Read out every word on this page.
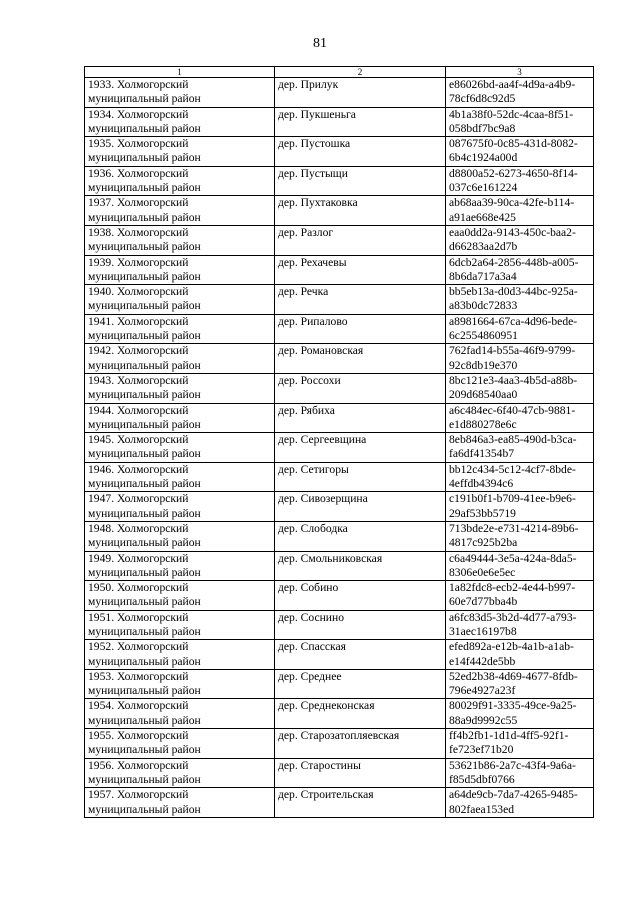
81
1	2	3

1933. Холмогорский
муниципальный район	дер. Прилук	e86026bd-aa4f-4d9a-a4b9-
78cf6d8c92d5

1934. Холмогорский
муниципальный район	дер. Пукшеньга	4b1a38f0-52dc-4caa-8f51-
058bdf7bc9a8

1935. Холмогорский
муниципальный район	дер. Пустошка	087675f0-0c85-431d-8082-
6b4c1924a00d

1936. Холмогорский
муниципальный район	дер. Пустыщи	d8800a52-6273-4650-8f14-
037c6e161224

1937. Холмогорский
муниципальный район	дер. Пухтаковка	ab68aa39-90ca-42fe-b114-
a91ae668e425

1938. Холмогорский
муниципальный район	дер. Разлог	eaa0dd2a-9143-450c-baa2-
d66283aa2d7b

1939. Холмогорский
муниципальный район	дер. Рехачевы	6dcb2a64-2856-448b-a005-
8b6da717a3a4

1940. Холмогорский
муниципальный район	дер. Речка	bb5eb13a-d0d3-44bc-925a-
a83b0dc72833

1941. Холмогорский
муниципальный район	дер. Рипалово	a8981664-67ca-4d96-bede-
6c2554860951

1942. Холмогорский
муниципальный район	дер. Романовская	762fad14-b55a-46f9-9799-
92c8db19e370

1943. Холмогорский
муниципальный район	дер. Россохи	8bc121e3-4aa3-4b5d-a88b-
209d68540aa0

1944. Холмогорский
муниципальный район	дер. Рябиха	a6c484ec-6f40-47cb-9881-
e1d880278e6c

1945. Холмогорский
муниципальный район	дер. Сергеевщина	8eb846a3-ea85-490d-b3ca-
fa6df41354b7

1946. Холмогорский
муниципальный район	дер. Сетигоры	bb12c434-5c12-4cf7-8bde-
4effdb4394c6

1947. Холмогорский
муниципальный район	дер. Сивозерщина	c191b0f1-b709-41ee-b9e6-
29af53bb5719

1948. Холмогорский
муниципальный район	дер. Слободка	713bde2e-e731-4214-89b6-
4817c925b2ba

1949. Холмогорский
муниципальный район	дер. Смольниковская	c6a49444-3e5a-424a-8da5-
8306e0e6e5ec

1950. Холмогорский
муниципальный район	дер. Собино	1a82fdc8-ecb2-4e44-b997-
60e7d77bba4b

1951. Холмогорский
муниципальный район	дер. Соснино	a6fc83d5-3b2d-4d77-a793-
31aec16197b8

1952. Холмогорский
муниципальный район	дер. Спасская	efed892a-e12b-4a1b-a1ab-
e14f442de5bb

1953. Холмогорский
муниципальный район	дер. Среднее	52ed2b38-4d69-4677-8fdb-
796e4927a23f

1954. Холмогорский
муниципальный район	дер. Среднеконская	80029f91-3335-49ce-9a25-
88a9d9992c55

1955. Холмогорский
муниципальный район	дер. Старозатопляевская	ff4b2fb1-1d1d-4ff5-92f1-
fe723ef71b20

1956. Холмогорский
муниципальный район	дер. Старостины	53621b86-2a7c-43f4-9a6a-
f85d5dbf0766

1957. Холмогорский
муниципальный район	дер. Строительская	a64de9cb-7da7-4265-9485-
802faea153ed
